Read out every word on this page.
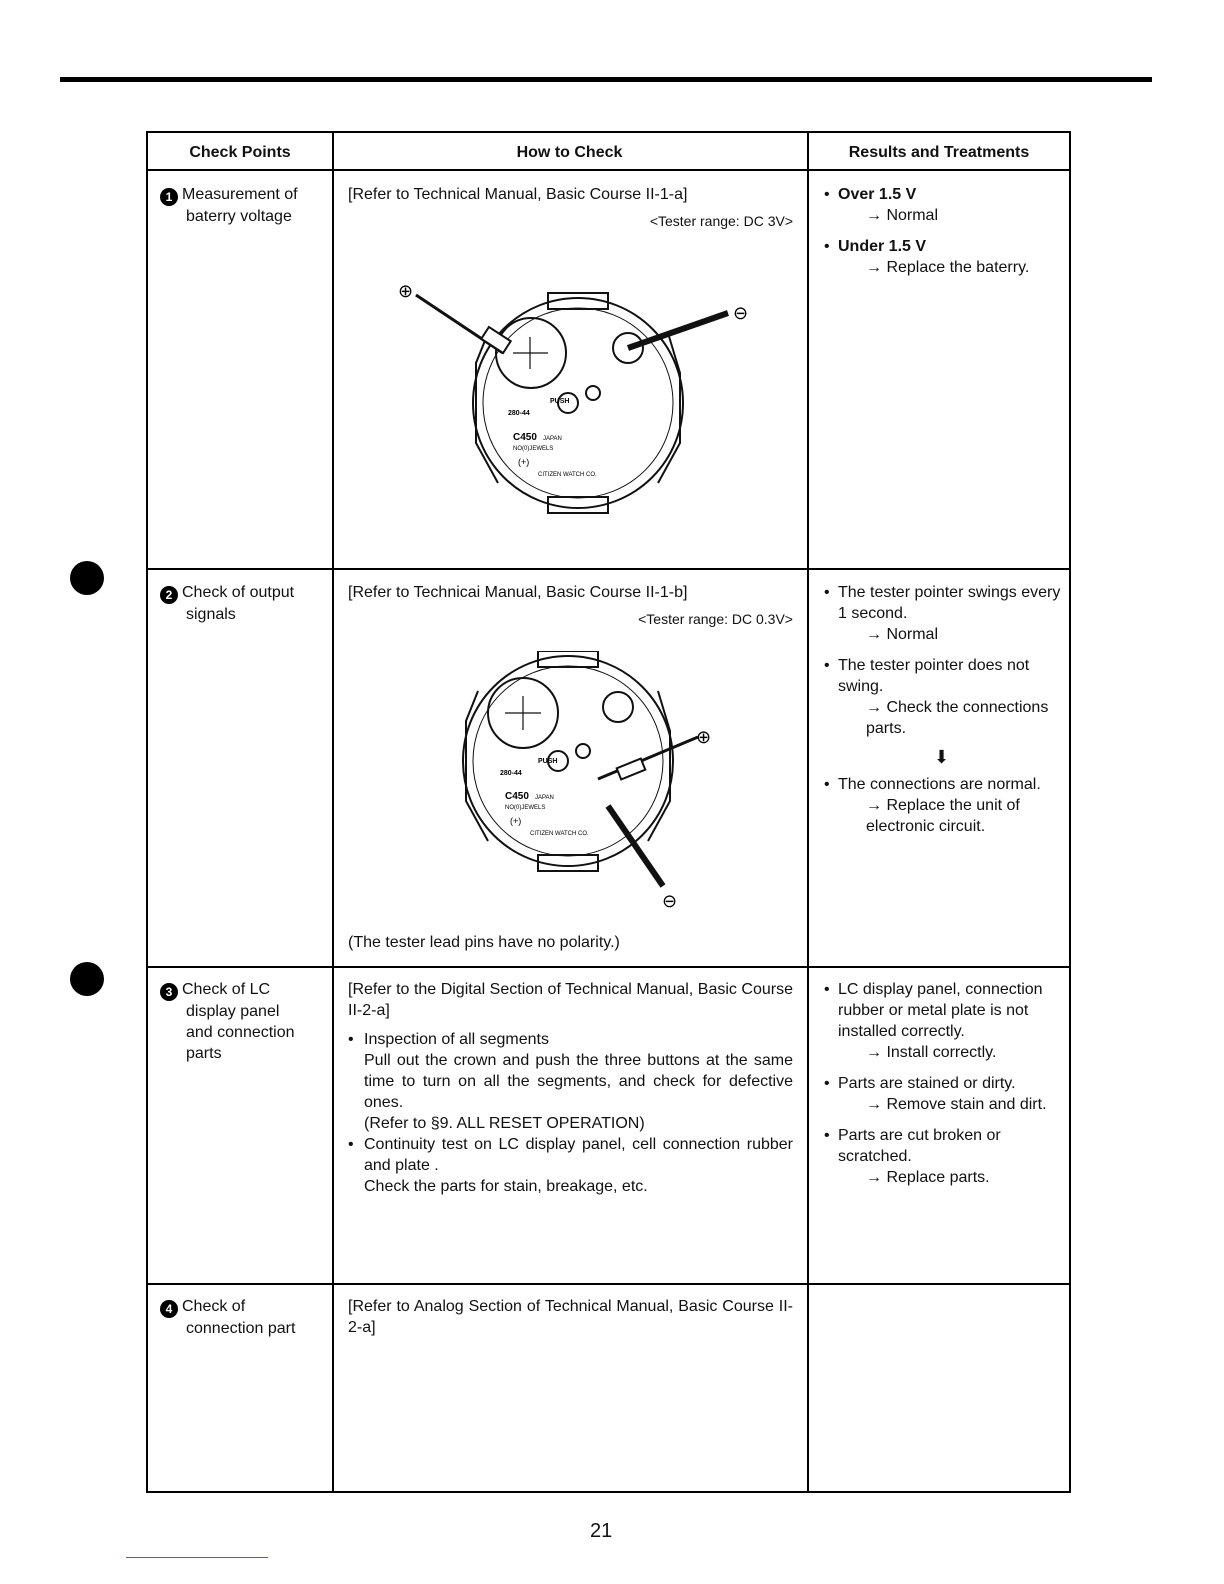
Check Points	How to Check	Results and Treatments
1 Measurement of
baterry voltage
[Refer to Technical Manual, Basic Course II-1-a]
<Tester range: DC 3V>
⊕
⊖
PUSH
280-44
C450 JAPAN
NO(0)JEWELS
(+)
CITIZEN WATCH CO.

• Over 1.5 V
→ Normal

• Under 1.5 V
→ Replace the baterry.

2 Check of output
signals
[Refer to Technicai Manual, Basic Course II-1-b]
<Tester range: DC 0.3V>
⊕
⊖
PUSH
280-44
C450 JAPAN
NO(0)JEWELS
(+)
CITIZEN WATCH CO.
(The tester lead pins have no polarity.)

• The tester pointer swings every 1 second.
→ Normal

• The tester pointer does not swing.
→ Check the connections parts.

⬇

• The connections are normal.
→ Replace the unit of electronic circuit.

3 Check of LC
display panel
and connection
parts
[Refer to the Digital Section of Technical Manual, Basic Course II-2-a]
• Inspection of all segments
Pull out the crown and push the three buttons at the same time to turn on all the segments, and check for defective ones.
(Refer to §9. ALL RESET OPERATION)
• Continuity test on LC display panel, cell connection rubber and plate .
Check the parts for stain, breakage, etc.

• LC display panel, connection rubber or metal plate is not installed correctly.
→ Install correctly.

• Parts are stained or dirty.
→ Remove stain and dirt.

• Parts are cut broken or scratched.
→ Replace parts.

4 Check of
connection part
[Refer to Analog Section of Technical Manual, Basic Course II-2-a]
21
